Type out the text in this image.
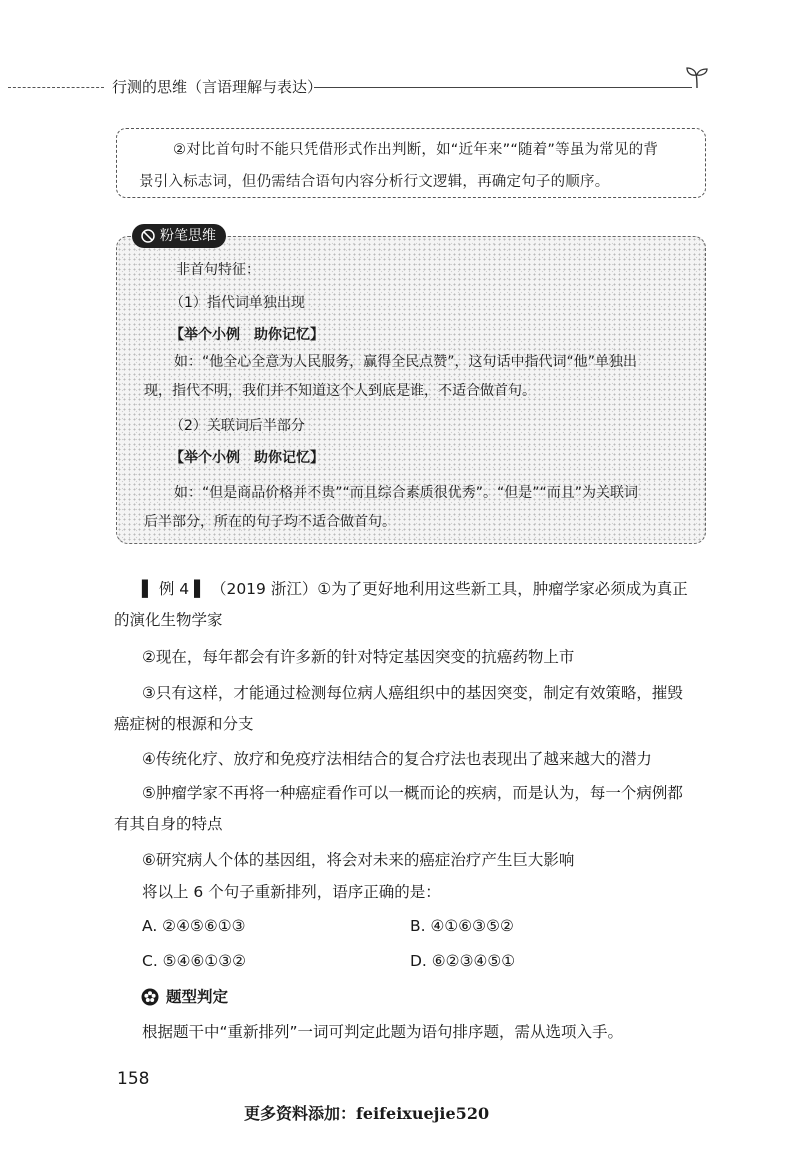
行测的思维（言语理解与表达）

②对比首句时不能只凭借形式作出判断，如“近年来”“随着”等虽为常见的背

景引入标志词，但仍需结合语句内容分析行文逻辑，再确定句子的顺序。

粉笔思维
非首句特征：
（1）指代词单独出现
【举个小例　助你记忆】
如：“他全心全意为人民服务，赢得全民点赞”，这句话中指代词“他”单独出
现，指代不明，我们并不知道这个人到底是谁，不适合做首句。
（2）关联词后半部分
【举个小例　助你记忆】
如：“但是商品价格并不贵”“而且综合素质很优秀”。“但是”“而且”为关联词
后半部分，所在的句子均不适合做首句。
▌ 例 4 ▌ （2019 浙江）①为了更好地利用这些新工具，肿瘤学家必须成为真正
的演化生物学家
②现在，每年都会有许多新的针对特定基因突变的抗癌药物上市
③只有这样，才能通过检测每位病人癌组织中的基因突变，制定有效策略，摧毁
癌症树的根源和分支
④传统化疗、放疗和免疫疗法相结合的复合疗法也表现出了越来越大的潜力
⑤肿瘤学家不再将一种癌症看作可以一概而论的疾病，而是认为，每一个病例都
有其自身的特点
⑥研究病人个体的基因组，将会对未来的癌症治疗产生巨大影响
将以上 6 个句子重新排列，语序正确的是：
A. ②④⑤⑥①③	B. ④①⑥③⑤②
C. ⑤④⑥①③②	D. ⑥②③④⑤①
题型判定
根据题干中“重新排列”一词可判定此题为语句排序题，需从选项入手。
158
更多资料添加：feifeixuejie520
